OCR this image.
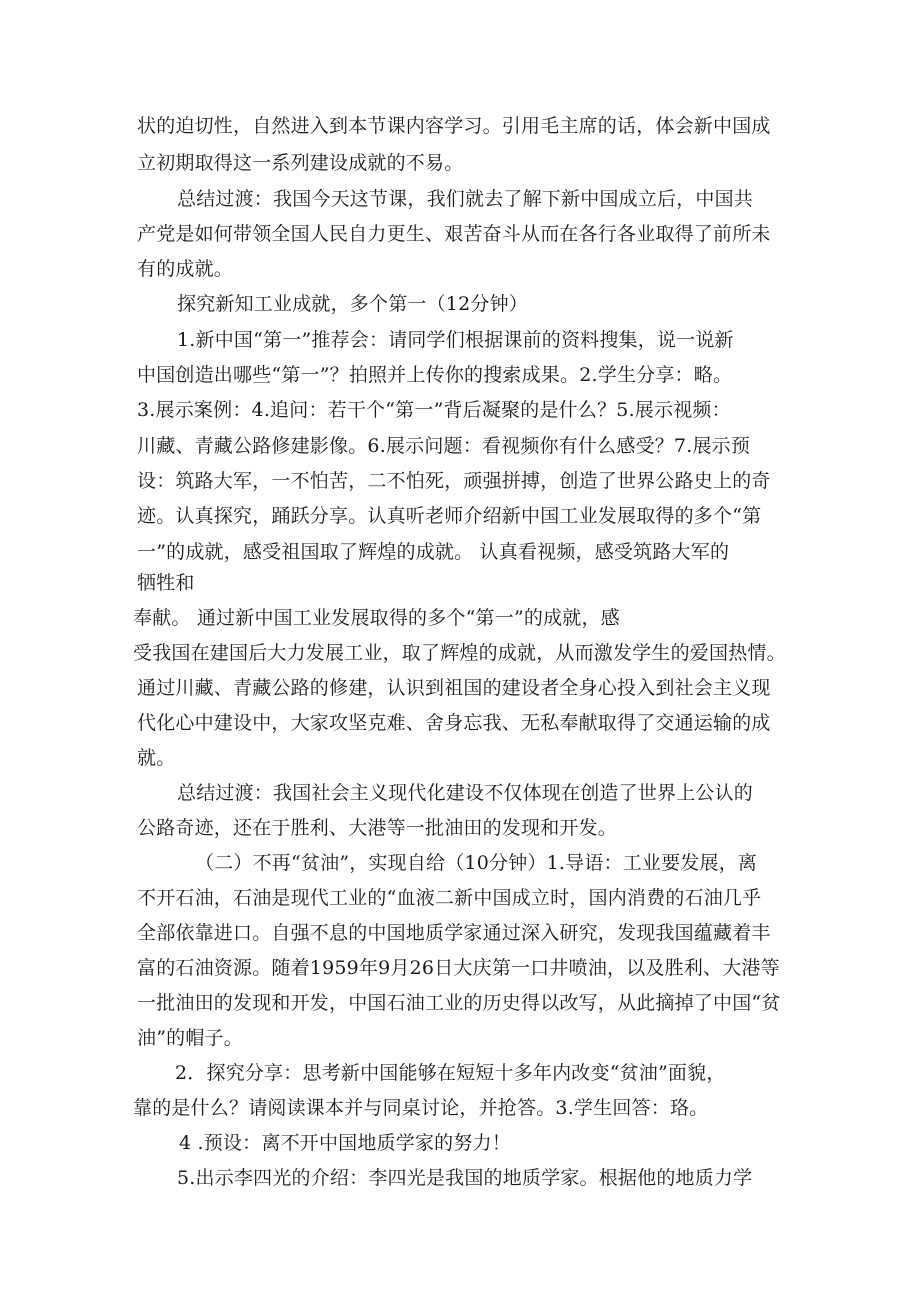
状的迫切性，自然进入到本节课内容学习。引用毛主席的话，体会新中国成
立初期取得这一系列建设成就的不易。
总结过渡：我国今天这节课，我们就去了解下新中国成立后，中国共
产党是如何带领全国人民自力更生、艰苦奋斗从而在各行各业取得了前所未
有的成就。
探究新知工业成就，多个第一（12分钟）
1.新中国“第一”推荐会：请同学们根据课前的资料搜集，说一说新
中国创造出哪些“第一”？拍照并上传你的搜索成果。2.学生分享：略。
3.展示案例：4.追问：若干个“第一”背后凝聚的是什么？5.展示视频：
川藏、青藏公路修建影像。6.展示问题：看视频你有什么感受？7.展示预
设：筑路大军，一不怕苦，二不怕死，顽强拼搏，创造了世界公路史上的奇
迹。认真探究，踊跃分享。认真听老师介绍新中国工业发展取得的多个“第
一”的成就，感受祖国取了辉煌的成就。 认真看视频，感受筑路大军的
牺牲和
奉献。 通过新中国工业发展取得的多个“第一”的成就，感
受我国在建国后大力发展工业，取了辉煌的成就，从而激发学生的爱国热情。
通过川藏、青藏公路的修建，认识到祖国的建设者全身心投入到社会主义现
代化心中建设中，大家攻坚克难、舍身忘我、无私奉献取得了交通运输的成
就。
总结过渡：我国社会主义现代化建设不仅体现在创造了世界上公认的
公路奇迹，还在于胜利、大港等一批油田的发现和开发。
（二）不再“贫油”，实现自给（10分钟）1.导语：工业要发展，离
不开石油，石油是现代工业的“血液二新中国成立时，国内消费的石油几乎
全部依靠进口。自强不息的中国地质学家通过深入研究，发现我国蕴藏着丰
富的石油资源。随着1959年9月26日大庆第一口井喷油，以及胜利、大港等
一批油田的发现和开发，中国石油工业的历史得以改写，从此摘掉了中国“贫
油”的帽子。
2．探究分享：思考新中国能够在短短十多年内改变“贫油”面貌，
靠的是什么？请阅读课本并与同桌讨论，并抢答。3.学生回答：珞。
4 .预设：离不开中国地质学家的努力！
5.出示李四光的介绍：李四光是我国的地质学家。根据他的地质力学
